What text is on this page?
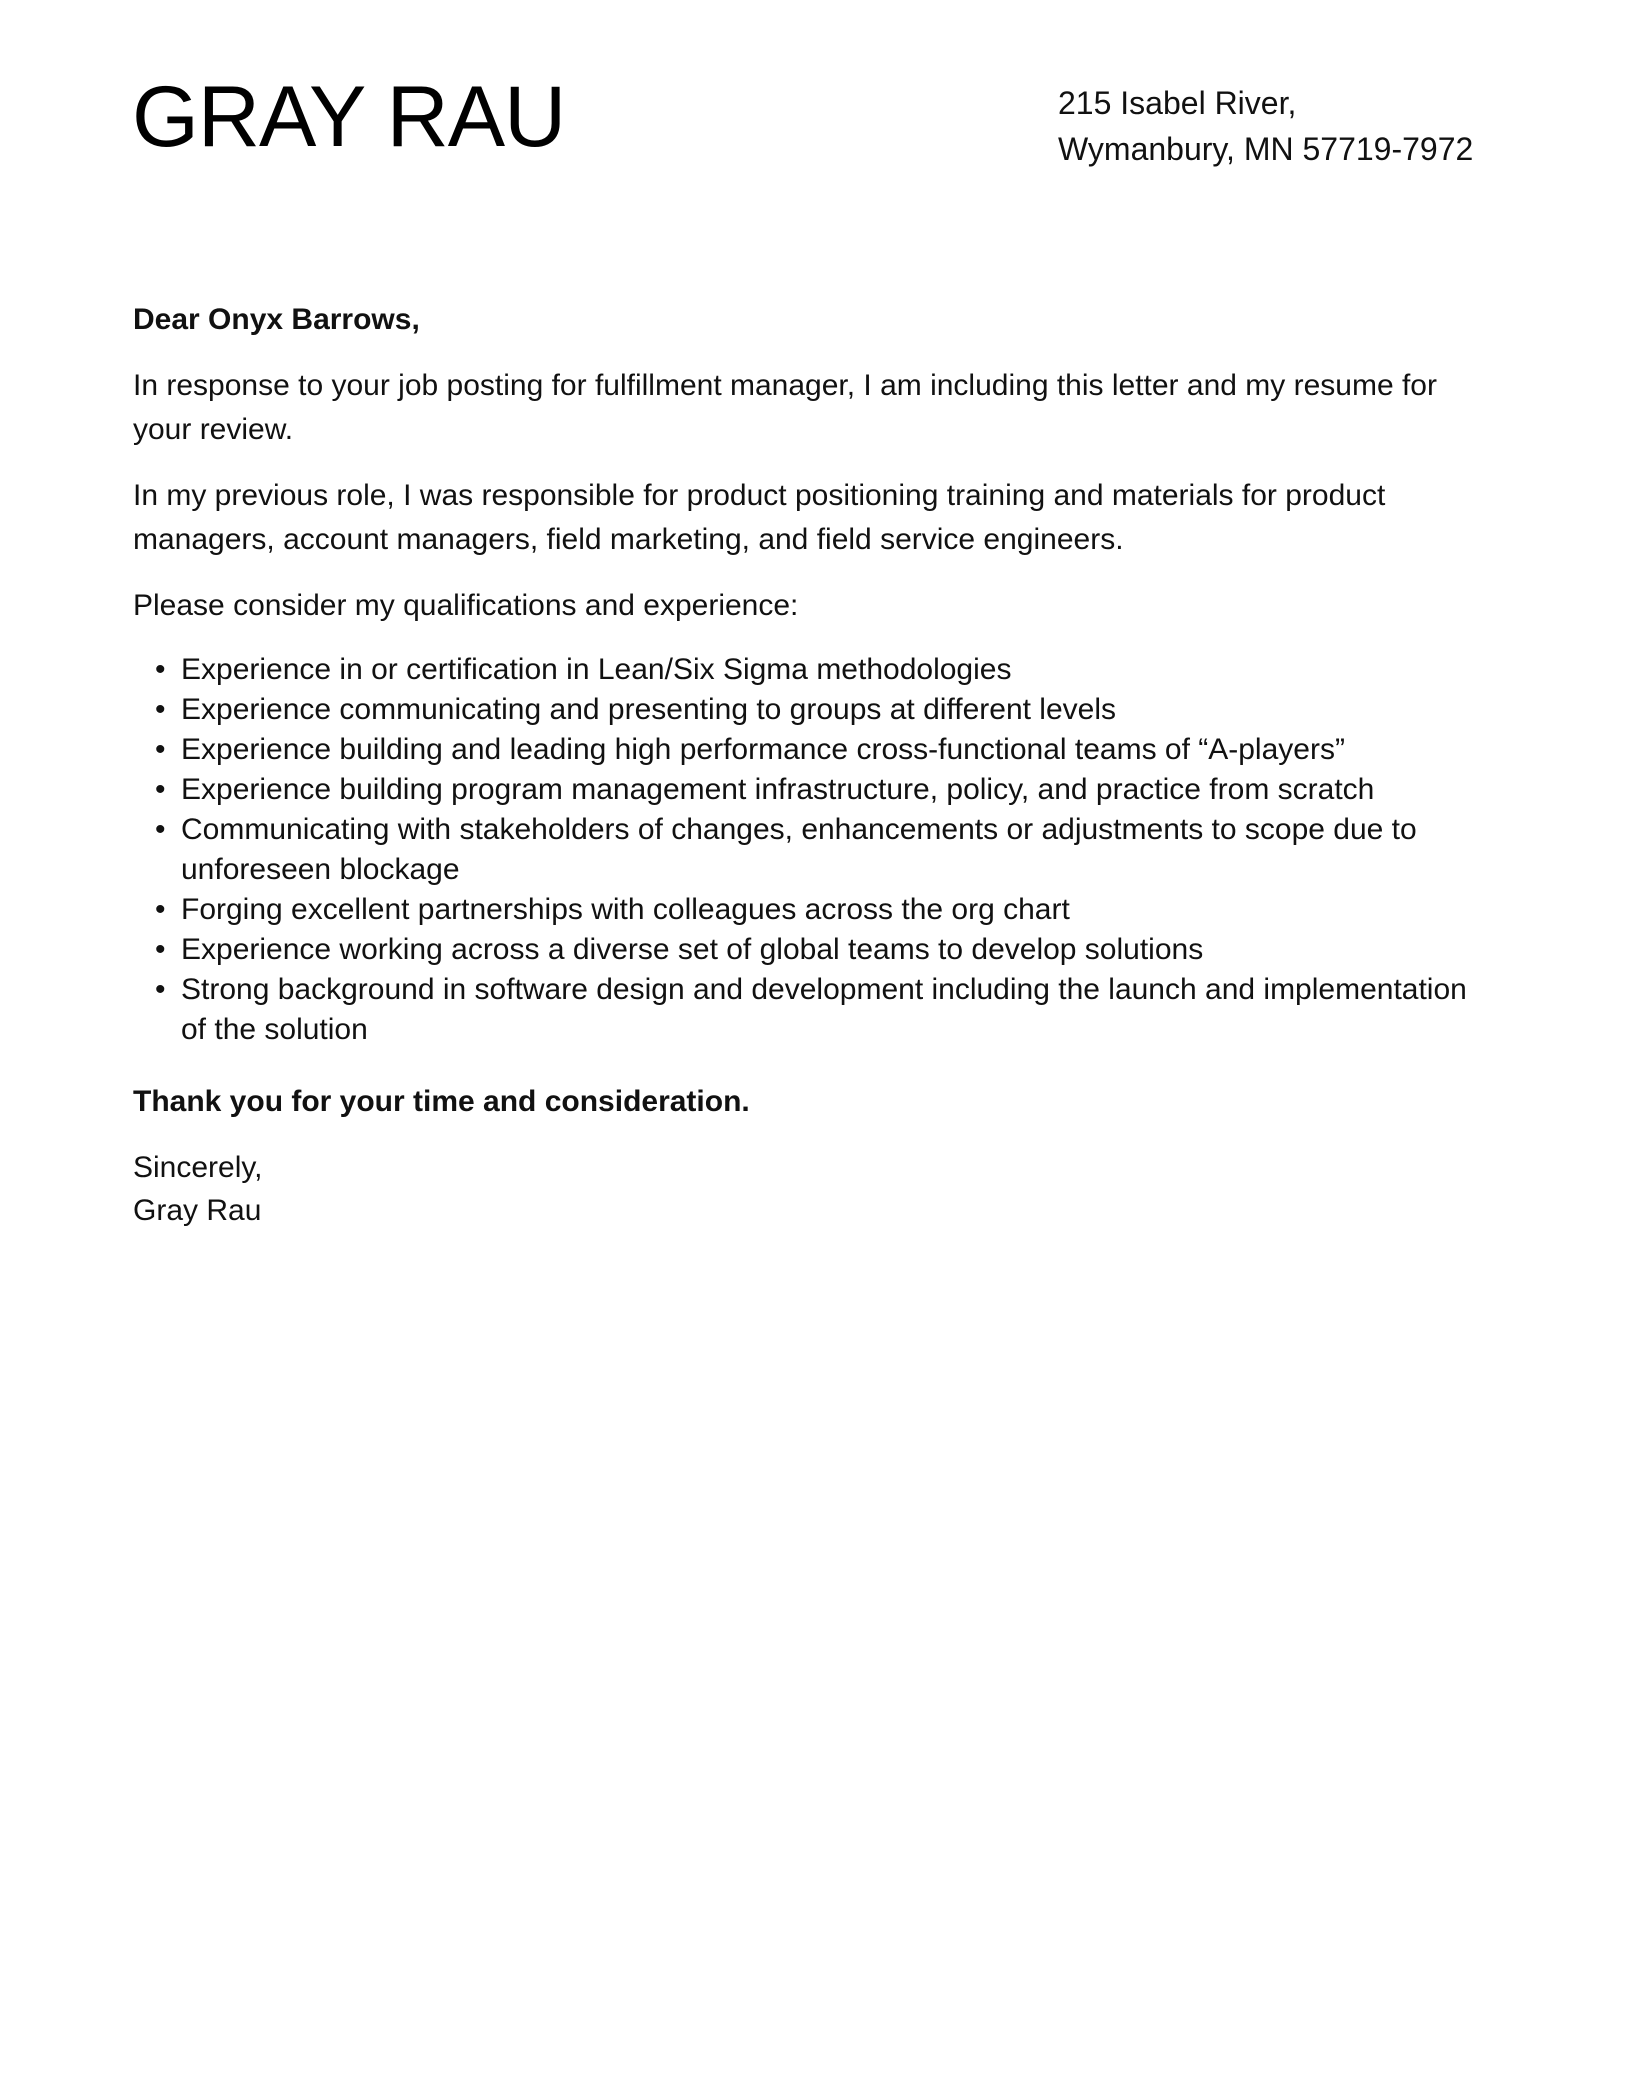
GRAY RAU	215 Isabel River,
Wymanbury, MN 57719-7972

Dear Onyx Barrows,

In response to your job posting for fulfillment manager, I am including this letter and my resume for your review.

In my previous role, I was responsible for product positioning training and materials for product managers, account managers, field marketing, and field service engineers.

Please consider my qualifications and experience:

• Experience in or certification in Lean/Six Sigma methodologies
• Experience communicating and presenting to groups at different levels
• Experience building and leading high performance cross-functional teams of “A-players”
• Experience building program management infrastructure, policy, and practice from scratch
• Communicating with stakeholders of changes, enhancements or adjustments to scope due to unforeseen blockage
• Forging excellent partnerships with colleagues across the org chart
• Experience working across a diverse set of global teams to develop solutions
• Strong background in software design and development including the launch and implementation of the solution

Thank you for your time and consideration.

Sincerely,
Gray Rau
